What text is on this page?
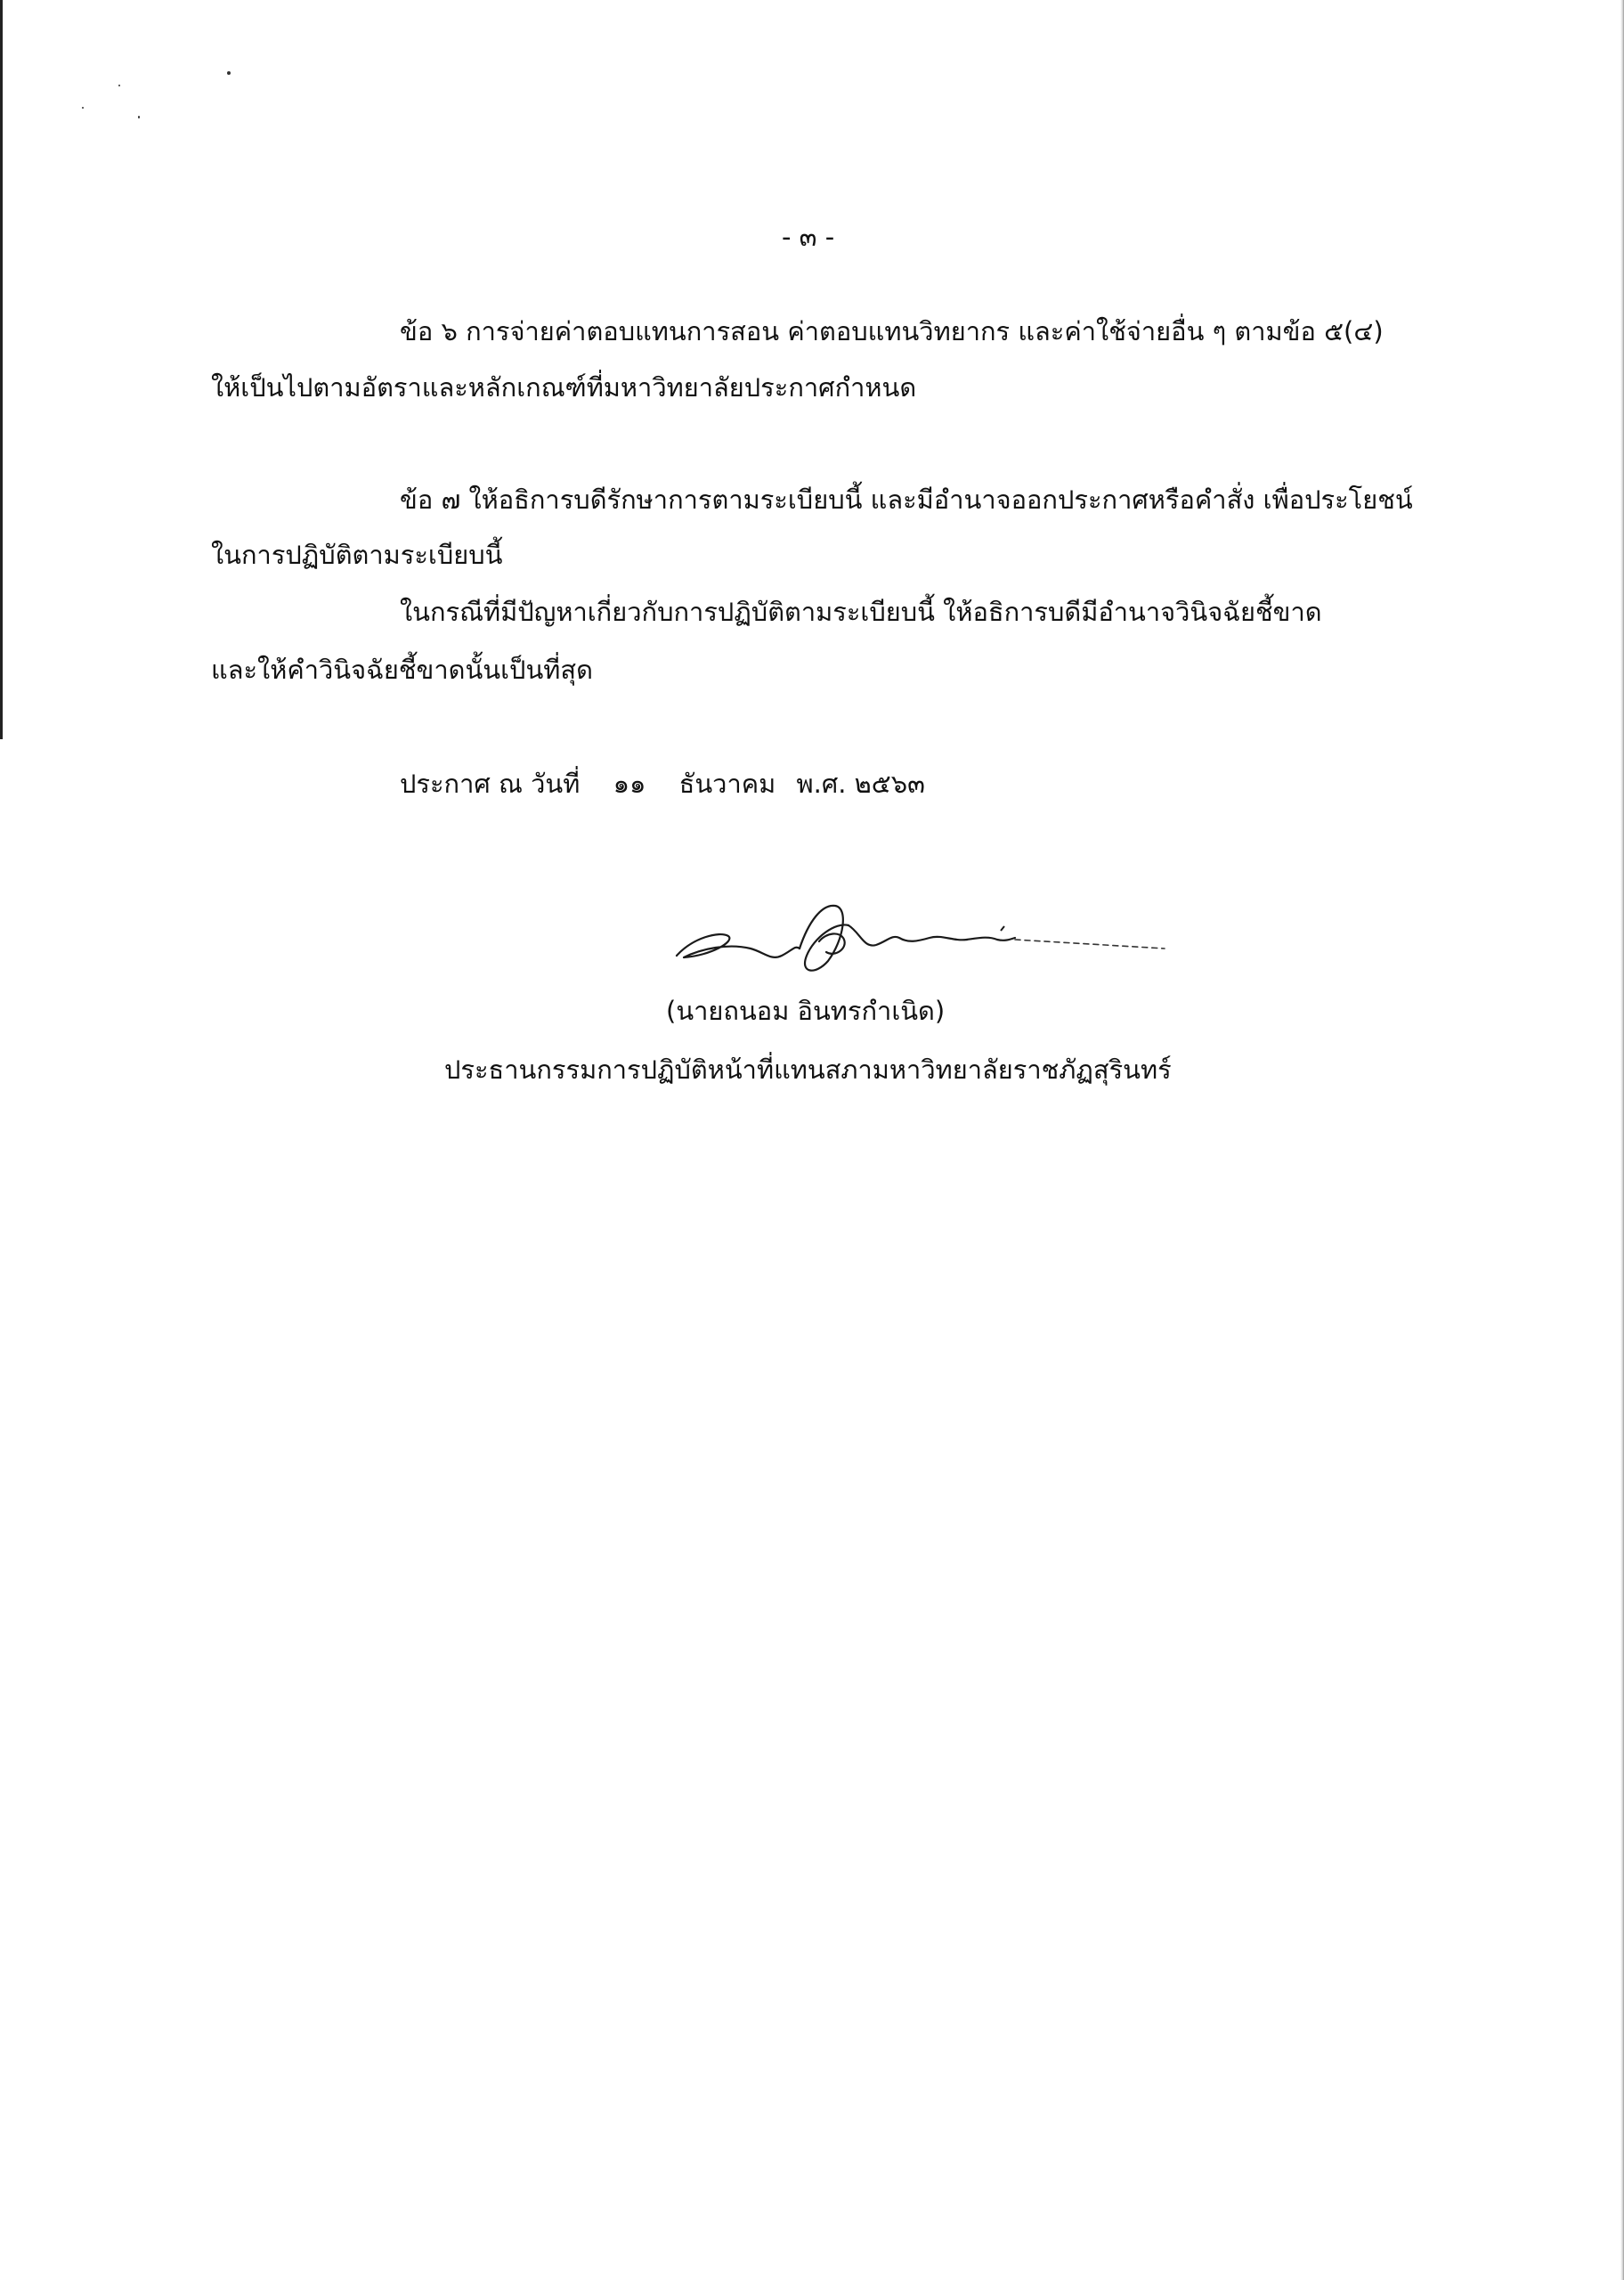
- ๓ -
ข้อ ๖ การจ่ายค่าตอบแทนการสอน ค่าตอบแทนวิทยากร และค่าใช้จ่ายอื่น ๆ ตามข้อ ๕(๔)
ให้เป็นไปตามอัตราและหลักเกณฑ์ที่มหาวิทยาลัยประกาศกำหนด
ข้อ ๗ ให้อธิการบดีรักษาการตามระเบียบนี้ และมีอำนาจออกประกาศหรือคำสั่ง เพื่อประโยชน์
ในการปฏิบัติตามระเบียบนี้
ในกรณีที่มีปัญหาเกี่ยวกับการปฏิบัติตามระเบียบนี้ ให้อธิการบดีมีอำนาจวินิจฉัยชี้ขาด
และให้คำวินิจฉัยชี้ขาดนั้นเป็นที่สุด
ประกาศ ณ วันที่ ๑๑ ธันวาคม พ.ศ. ๒๕๖๓
(นายถนอม อินทรกำเนิด)
ประธานกรรมการปฏิบัติหน้าที่แทนสภามหาวิทยาลัยราชภัฏสุรินทร์
